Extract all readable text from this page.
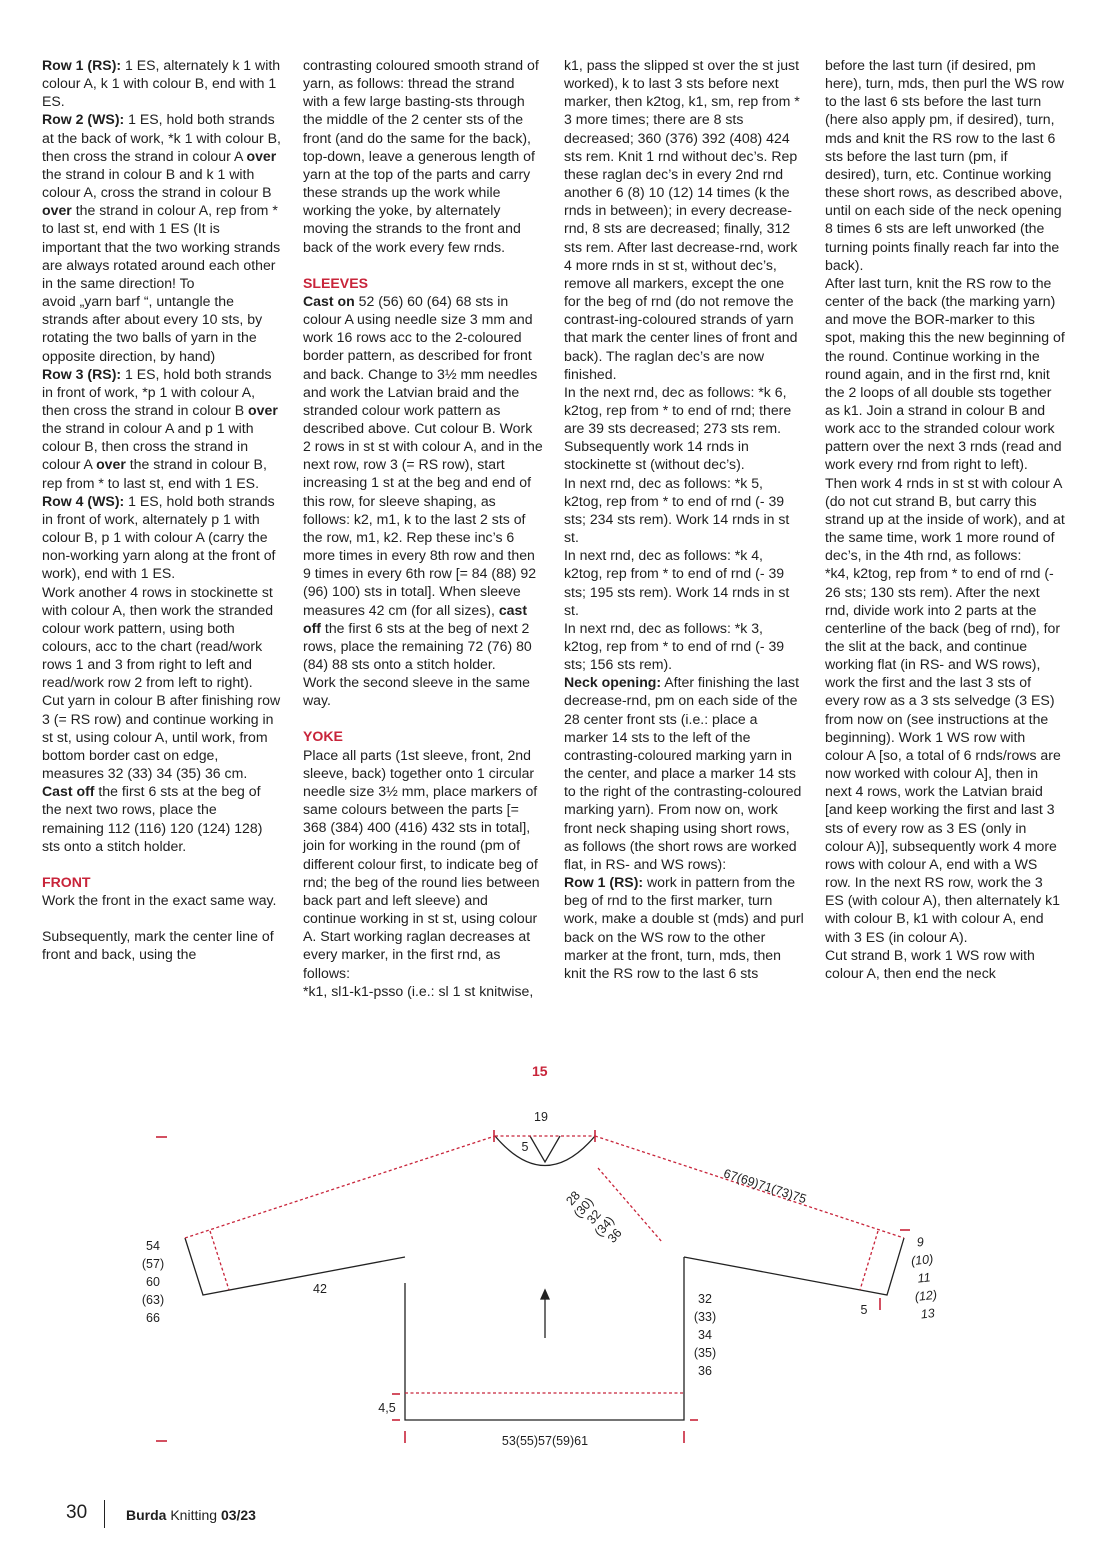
Row 1 (RS): 1 ES, alternately k 1 with colour A, k 1 with colour B, end with 1 ES.

Row 2 (WS): 1 ES, hold both strands at the back of work, *k 1 with colour B, then cross the strand in colour A over the strand in colour B and k 1 with colour A, cross the strand in colour B over the strand in colour A, rep from * to last st, end with 1 ES (It is important that the two working strands are always rotated around each other in the same direction! To

avoid „yarn barf “, untangle the strands after about every 10 sts, by rotating the two balls of yarn in the opposite direction, by hand)

Row 3 (RS): 1 ES, hold both strands in front of work, *p 1 with colour A, then cross the strand in colour B over the strand in colour A and p 1 with colour B, then cross the strand in colour A over the strand in colour B, rep from * to last st, end with 1 ES.

Row 4 (WS): 1 ES, hold both strands in front of work, alternately p 1 with colour B, p 1 with colour A (carry the non-working yarn along at the front of work), end with 1 ES.

Work another 4 rows in stockinette st with colour A, then work the stranded colour work pattern, using both colours, acc to the chart (read/work rows 1 and 3 from right to left and read/work row 2 from left to right).

Cut yarn in colour B after finishing row 3 (= RS row) and continue working in st st, using colour A, until work, from bottom border cast on edge, measures 32 (33) 34 (35) 36 cm.

Cast off the first 6 sts at the beg of the next two rows, place the remaining 112 (116) 120 (124) 128) sts onto a stitch holder.

FRONT

Work the front in the exact same way.

Subsequently, mark the center line of front and back, using the

contrasting coloured smooth strand of yarn, as follows: thread the strand with a few large basting-sts through the middle of the 2 center sts of the front (and do the same for the back), top-down, leave a generous length of yarn at the top of the parts and carry these strands up the work while working the yoke, by alternately moving the strands to the front and back of the work every few rnds.

SLEEVES

Cast on 52 (56) 60 (64) 68 sts in colour A using needle size 3 mm and work 16 rows acc to the 2-coloured border pattern, as described for front and back. Change to 3½ mm needles and work the Latvian braid and the stranded colour work pattern as described above. Cut colour B. Work 2 rows in st st with colour A, and in the next row, row 3 (= RS row), start increasing 1 st at the beg and end of this row, for sleeve shaping, as follows: k2, m1, k to the last 2 sts of the row, m1, k2. Rep these inc’s 6 more times in every 8th row and then 9 times in every 6th row [= 84 (88) 92 (96) 100) sts in total]. When sleeve measures 42 cm (for all sizes), cast off the first 6 sts at the beg of next 2 rows, place the remaining 72 (76) 80 (84) 88 sts onto a stitch holder.

Work the second sleeve in the same way.

YOKE

Place all parts (1st sleeve, front, 2nd sleeve, back) together onto 1 circular needle size 3½ mm, place markers of same colours between the parts [= 368 (384) 400 (416) 432 sts in total], join for working in the round (pm of different colour first, to indicate beg of rnd; the beg of the round lies between back part and left sleeve) and continue working in st st, using colour A. Start working raglan decreases at every marker, in the first rnd, as follows:

*k1, sl1-k1-psso (i.e.: sl 1 st knitwise,

k1, pass the slipped st over the st just worked), k to last 3 sts before next marker, then k2tog, k1, sm, rep from * 3 more times; there are 8 sts decreased; 360 (376) 392 (408) 424 sts rem. Knit 1 rnd without dec’s. Rep these raglan dec’s in every 2nd rnd another 6 (8) 10 (12) 14 times (k the rnds in between); in every decrease-rnd, 8 sts are decreased; finally, 312 sts rem. After last decrease-rnd, work 4 more rnds in st st, without dec’s, remove all markers, except the one for the beg of rnd (do not remove the contrast-ing-coloured strands of yarn that mark the center lines of front and back). The raglan dec’s are now finished.

In the next rnd, dec as follows: *k 6, k2tog, rep from * to end of rnd; there are 39 sts decreased; 273 sts rem.

Subsequently work 14 rnds in stockinette st (without dec’s).

In next rnd, dec as follows: *k 5, k2tog, rep from * to end of rnd (- 39 sts; 234 sts rem). Work 14 rnds in st st.

In next rnd, dec as follows: *k 4, k2tog, rep from * to end of rnd (- 39 sts; 195 sts rem). Work 14 rnds in st st.

In next rnd, dec as follows: *k 3, k2tog, rep from * to end of rnd (- 39 sts; 156 sts rem).

Neck opening: After finishing the last decrease-rnd, pm on each side of the 28 center front sts (i.e.: place a marker 14 sts to the left of the contrasting-coloured marking yarn in the center, and place a marker 14 sts to the right of the contrasting-coloured marking yarn). From now on, work front neck shaping using short rows, as follows (the short rows are worked flat, in RS- and WS rows):

Row 1 (RS): work in pattern from the beg of rnd to the first marker, turn work, make a double st (mds) and purl back on the WS row to the other marker at the front, turn, mds, then knit the RS row to the last 6 sts

before the last turn (if desired, pm here), turn, mds, then purl the WS row to the last 6 sts before the last turn (here also apply pm, if desired), turn, mds and knit the RS row to the last 6 sts before the last turn (pm, if desired), turn, etc. Continue working these short rows, as described above, until on each side of the neck opening 8 times 6 sts are left unworked (the turning points finally reach far into the back).

After last turn, knit the RS row to the center of the back (the marking yarn) and move the BOR-marker to this spot, making this the new beginning of the round. Continue working in the round again, and in the first rnd, knit the 2 loops of all double sts together as k1. Join a strand in colour B and work acc to the stranded colour work pattern over the next 3 rnds (read and work every rnd from right to left).

Then work 4 rnds in st st with colour A (do not cut strand B, but carry this strand up at the inside of work), and at the same time, work 1 more round of dec’s, in the 4th rnd, as follows:

*k4, k2tog, rep from * to end of rnd (- 26 sts; 130 sts rem). After the next rnd, divide work into 2 parts at the centerline of the back (beg of rnd), for the slit at the back, and continue working flat (in RS- and WS rows), work the first and the last 3 sts of every row as a 3 sts selvedge (3 ES) from now on (see instructions at the beginning). Work 1 WS row with colour A [so, a total of 6 rnds/rows are now worked with colour A], then in next 4 rows, work the Latvian braid [and keep working the first and last 3 sts of every row as 3 ES (only in colour A)], subsequently work 4 more rows with colour A, end with a WS row. In the next RS row, work the 3 ES (with colour A), then alternately k1 with colour B, k1 with colour A, end with 3 ES (in colour A).

Cut strand B, work 1 WS row with colour A, then end the neck

15
19
5
67(69)71(73)75
28
(30)
32
(34)
36
42
54
(57)
60
(63)
66
9
(10)
11
(12)
13
5
32
(33)
34
(35)
36
4,5
53(55)57(59)61
30	Burda Knitting 03/23
